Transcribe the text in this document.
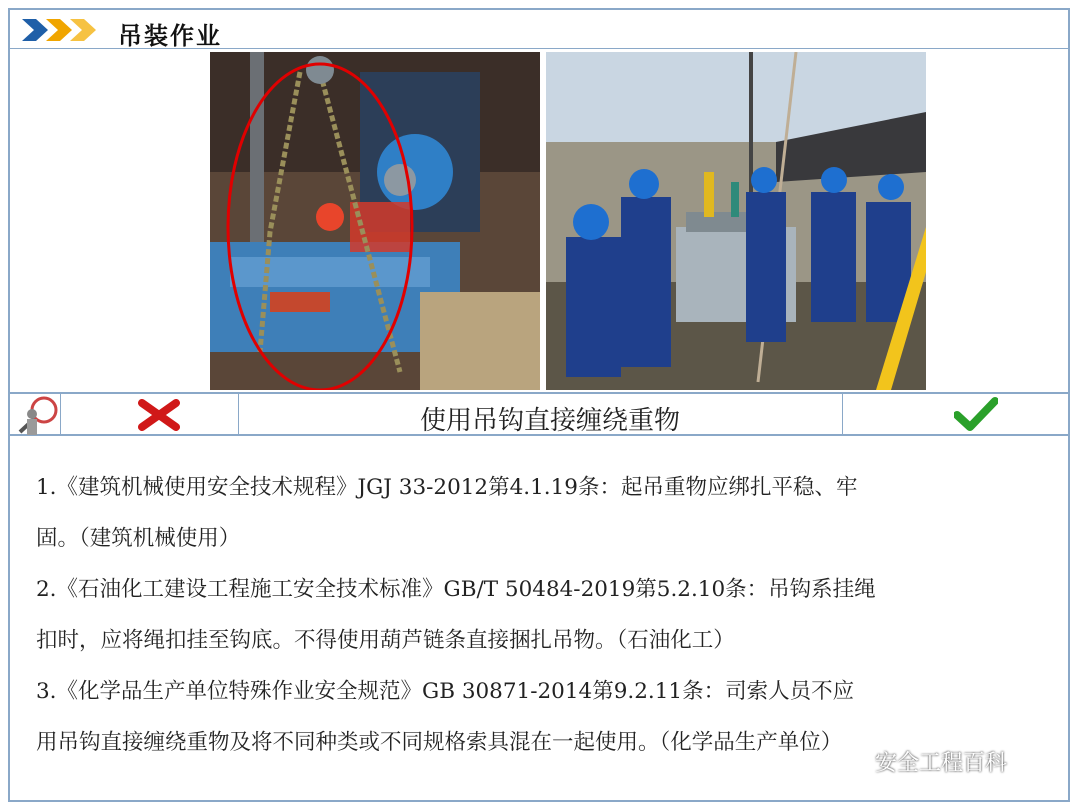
吊装作业
使用吊钩直接缠绕重物

1.《建筑机械使用安全技术规程》JGJ 33-2012第4.1.19条：起吊重物应绑扎平稳、牢

固。（建筑机械使用）

2.《石油化工建设工程施工安全技术标准》GB/T 50484-2019第5.2.10条：吊钩系挂绳

扣时，应将绳扣挂至钩底。不得使用葫芦链条直接捆扎吊物。（石油化工）

3.《化学品生产单位特殊作业安全规范》GB 30871-2014第9.2.11条：司索人员不应

用吊钩直接缠绕重物及将不同种类或不同规格索具混在一起使用。（化学品生产单位）

安全工程百科
